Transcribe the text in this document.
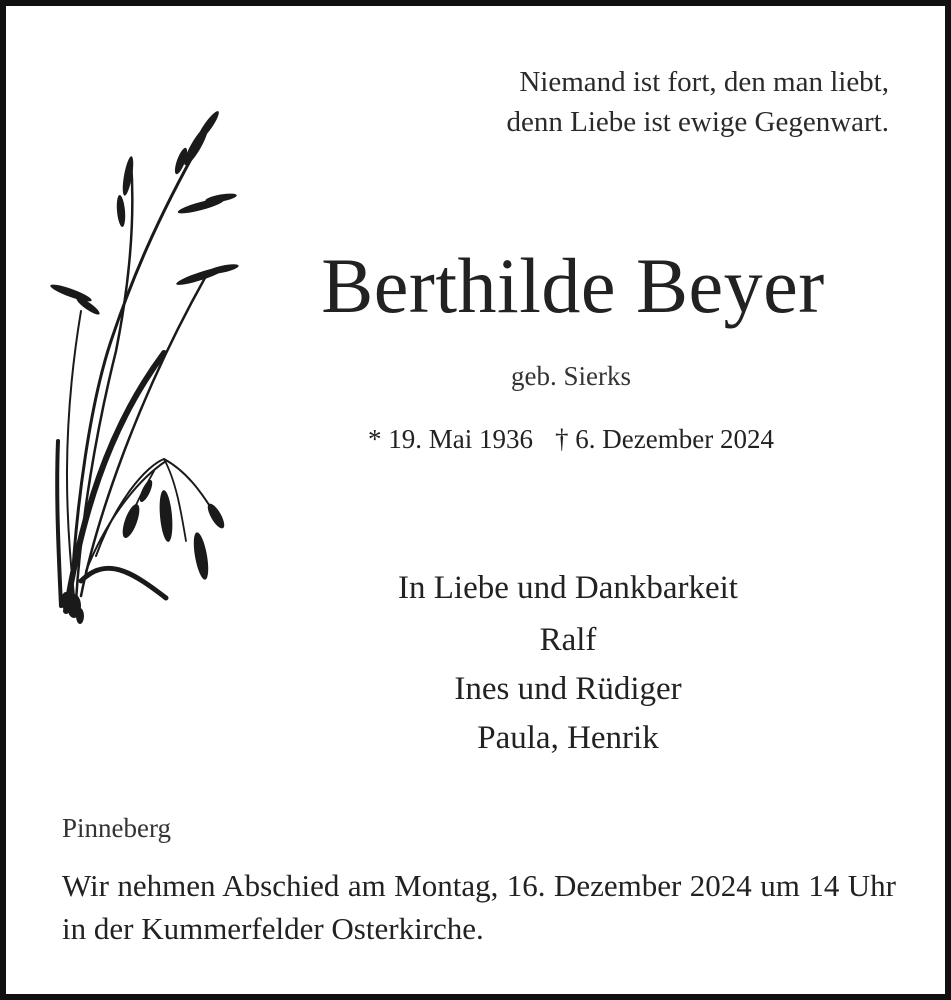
Niemand ist fort, den man liebt,
denn Liebe ist ewige Gegenwart.
Berthilde Beyer
geb. Sierks
* 19. Mai 1936 † 6. Dezember 2024
In Liebe und Dankbarkeit
Ralf
Ines und Rüdiger
Paula, Henrik
Pinneberg
Wir nehmen Abschied am Montag, 16. Dezember 2024 um 14 Uhr in der Kummerfelder Osterkirche.
